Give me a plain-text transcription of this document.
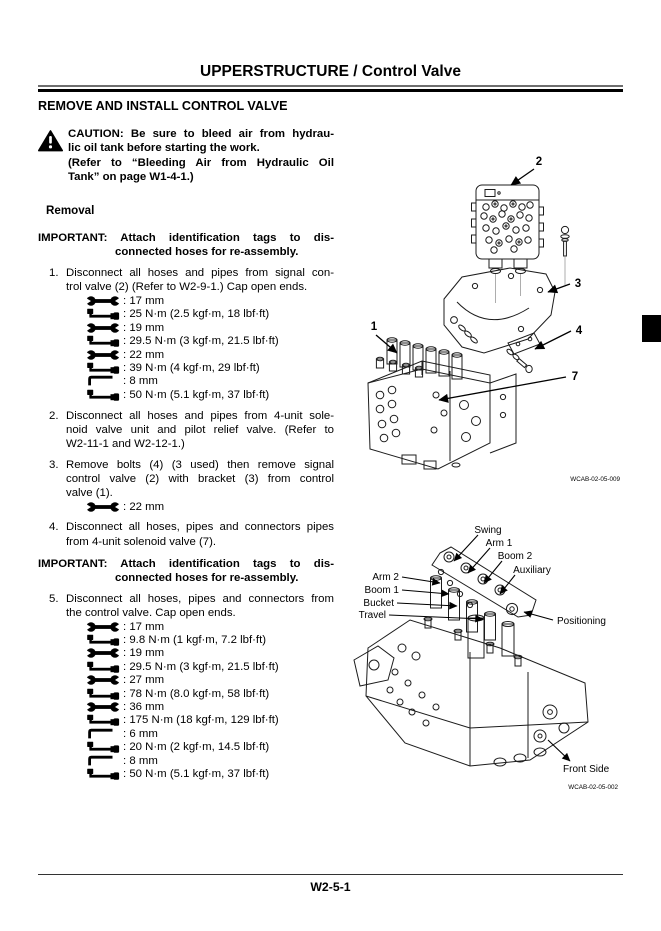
UPPERSTRUCTURE / Control Valve
REMOVE AND INSTALL CONTROL VALVE
CAUTION: Be sure to bleed air from hydrau-
lic oil tank before starting the work.
(Refer to “Bleeding Air from Hydraulic Oil
Tank” on page W1-4-1.)
Removal
IMPORTANT: Attach identification tags to dis-
connected hoses for re-assembly.
1. Disconnect all hoses and pipes from signal con-
trol valve (2) (Refer to W2-9-1.) Cap open ends.
: 17 mm
: 25 N·m (2.5 kgf·m, 18 lbf·ft)
: 19 mm
: 29.5 N·m (3 kgf·m, 21.5 lbf·ft)
: 22 mm
: 39 N·m (4 kgf·m, 29 lbf·ft)
: 8 mm
: 50 N·m (5.1 kgf·m, 37 lbf·ft)
2. Disconnect all hoses and pipes from 4-unit sole-
noid valve unit and pilot relief valve. (Refer to
W2-11-1 and W2-12-1.)
3. Remove bolts (4) (3 used) then remove signal
control valve (2) with bracket (3) from control
valve (1).
: 22 mm
4. Disconnect all hoses, pipes and connectors pipes
from 4-unit solenoid valve (7).
IMPORTANT: Attach identification tags to dis-
connected hoses for re-assembly.
5. Disconnect all hoses, pipes and connectors from
the control valve. Cap open ends.
: 17 mm
: 9.8 N·m (1 kgf·m, 7.2 lbf·ft)
: 19 mm
: 29.5 N·m (3 kgf·m, 21.5 lbf·ft)
: 27 mm
: 78 N·m (8.0 kgf·m, 58 lbf·ft)
: 36 mm
: 175 N·m (18 kgf·m, 129 lbf·ft)
: 6 mm
: 20 N·m (2 kgf·m, 14.5 lbf·ft)
: 8 mm
: 50 N·m (5.1 kgf·m, 37 lbf·ft)
2
3
4
1
7
WCAB-02-05-009
Swing
Arm 1
Boom 2
Auxiliary
Arm 2
Boom 1
Bucket
Travel
Positioning
Front Side
WCAB-02-05-002
W2-5-1
